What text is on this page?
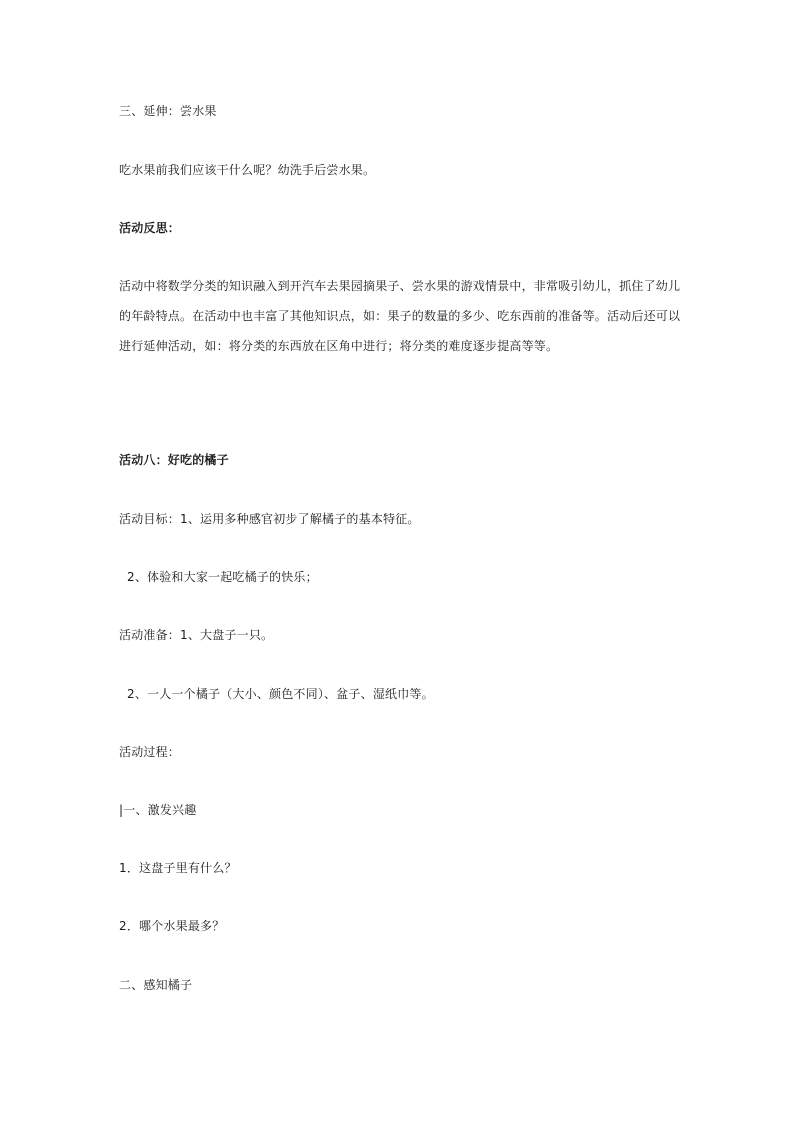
三、延伸：尝水果
吃水果前我们应该干什么呢？幼洗手后尝水果。
活动反思：
活动中将数学分类的知识融入到开汽车去果园摘果子、尝水果的游戏情景中，非常吸引幼儿，抓住了幼儿
的年龄特点。在活动中也丰富了其他知识点，如：果子的数量的多少、吃东西前的准备等。活动后还可以
进行延伸活动，如：将分类的东西放在区角中进行；将分类的难度逐步提高等等。
活动八：好吃的橘子
活动目标：1、运用多种感官初步了解橘子的基本特征。
2、体验和大家一起吃橘子的快乐；
活动准备：1、大盘子一只。
2、一人一个橘子（大小、颜色不同）、盆子、湿纸巾等。
活动过程：
|一、激发兴趣
1．这盘子里有什么？
2．哪个水果最多？
二、感知橘子
